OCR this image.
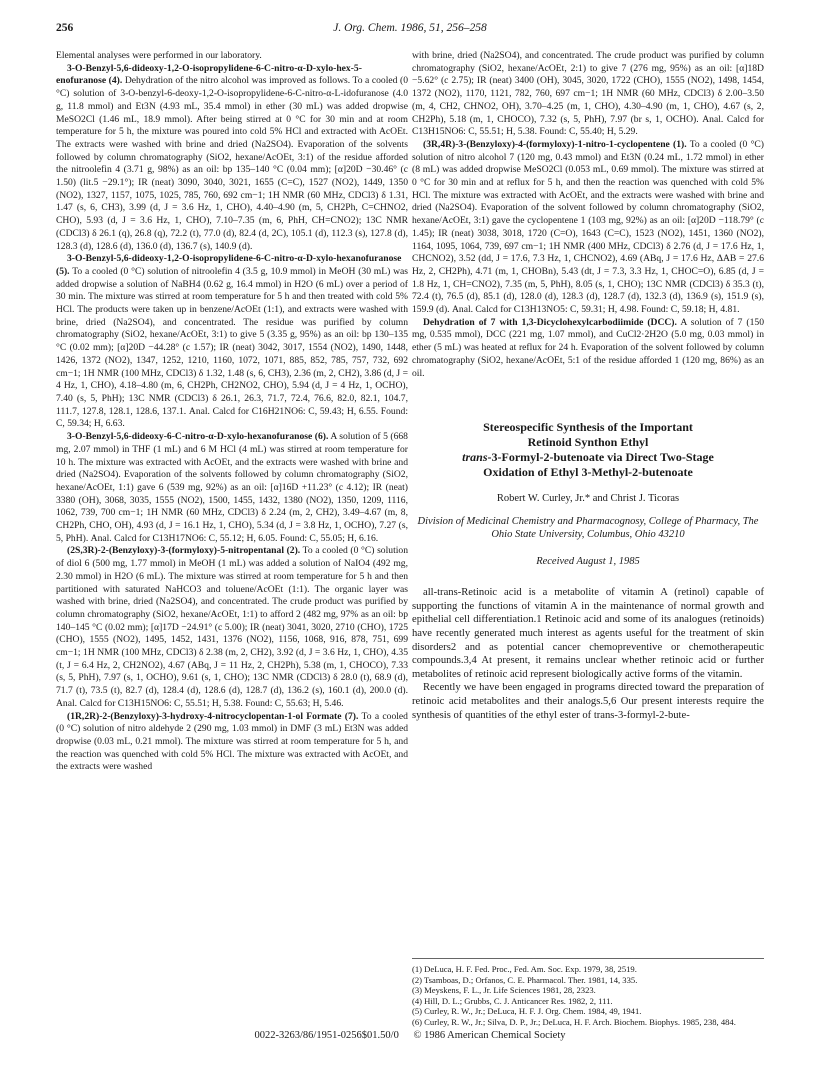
256	J. Org. Chem. 1986, 51, 256–258

Elemental analyses were performed in our laboratory.

3-O-Benzyl-5,6-dideoxy-1,2-O-isopropylidene-6-C-nitro-α-D-xylo-hex-5-enofuranose (4). Dehydration of the nitro alcohol was improved as follows. To a cooled (0 °C) solution of 3-O-benzyl-6-deoxy-1,2-O-isopropylidene-6-C-nitro-α-L-idofuranose (4.0 g, 11.8 mmol) and Et3N (4.93 mL, 35.4 mmol) in ether (30 mL) was added dropwise MeSO2Cl (1.46 mL, 18.9 mmol). After being stirred at 0 °C for 30 min and at room temperature for 5 h, the mixture was poured into cold 5% HCl and extracted with AcOEt. The extracts were washed with brine and dried (Na2SO4). Evaporation of the solvents followed by column chromatography (SiO2, hexane/AcOEt, 3:1) of the residue afforded the nitroolefin 4 (3.71 g, 98%) as an oil: bp 135–140 °C (0.04 mm); [α]20D −30.46° (c 1.50) (lit.5 −29.1°); IR (neat) 3090, 3040, 3021, 1655 (C=C), 1527 (NO2), 1449, 1350 (NO2), 1327, 1157, 1075, 1025, 785, 760, 692 cm−1; 1H NMR (60 MHz, CDCl3) δ 1.31, 1.47 (s, 6, CH3), 3.99 (d, J = 3.6 Hz, 1, CHO), 4.40–4.90 (m, 5, CH2Ph, C=CHNO2, CHO), 5.93 (d, J = 3.6 Hz, 1, CHO), 7.10–7.35 (m, 6, PhH, CH=CNO2); 13C NMR (CDCl3) δ 26.1 (q), 26.8 (q), 72.2 (t), 77.0 (d), 82.4 (d, 2C), 105.1 (d), 112.3 (s), 127.8 (d), 128.3 (d), 128.6 (d), 136.0 (d), 136.7 (s), 140.9 (d).

3-O-Benzyl-5,6-dideoxy-1,2-O-isopropylidene-6-C-nitro-α-D-xylo-hexanofuranose (5). To a cooled (0 °C) solution of nitroolefin 4 (3.5 g, 10.9 mmol) in MeOH (30 mL) was added dropwise a solution of NaBH4 (0.62 g, 16.4 mmol) in H2O (6 mL) over a period of 30 min. The mixture was stirred at room temperature for 5 h and then treated with cold 5% HCl. The products were taken up in benzene/AcOEt (1:1), and extracts were washed with brine, dried (Na2SO4), and concentrated. The residue was purified by column chromatography (SiO2, hexane/AcOEt, 3:1) to give 5 (3.35 g, 95%) as an oil: bp 130–135 °C (0.02 mm); [α]20D −44.28° (c 1.57); IR (neat) 3042, 3017, 1554 (NO2), 1490, 1448, 1426, 1372 (NO2), 1347, 1252, 1210, 1160, 1072, 1071, 885, 852, 785, 757, 732, 692 cm−1; 1H NMR (100 MHz, CDCl3) δ 1.32, 1.48 (s, 6, CH3), 2.36 (m, 2, CH2), 3.86 (d, J = 4 Hz, 1, CHO), 4.18–4.80 (m, 6, CH2Ph, CH2NO2, CHO), 5.94 (d, J = 4 Hz, 1, OCHO), 7.40 (s, 5, PhH); 13C NMR (CDCl3) δ 26.1, 26.3, 71.7, 72.4, 76.6, 82.0, 82.1, 104.7, 111.7, 127.8, 128.1, 128.6, 137.1. Anal. Calcd for C16H21NO6: C, 59.43; H, 6.55. Found: C, 59.34; H, 6.63.

3-O-Benzyl-5,6-dideoxy-6-C-nitro-α-D-xylo-hexanofuranose (6). A solution of 5 (668 mg, 2.07 mmol) in THF (1 mL) and 6 M HCl (4 mL) was stirred at room temperature for 10 h. The mixture was extracted with AcOEt, and the extracts were washed with brine and dried (Na2SO4). Evaporation of the solvents followed by column chromatography (SiO2, hexane/AcOEt, 1:1) gave 6 (539 mg, 92%) as an oil: [α]16D +11.23° (c 4.12); IR (neat) 3380 (OH), 3068, 3035, 1555 (NO2), 1500, 1455, 1432, 1380 (NO2), 1350, 1209, 1116, 1062, 739, 700 cm−1; 1H NMR (60 MHz, CDCl3) δ 2.24 (m, 2, CH2), 3.49–4.67 (m, 8, CH2Ph, CHO, OH), 4.93 (d, J = 16.1 Hz, 1, CHO), 5.34 (d, J = 3.8 Hz, 1, OCHO), 7.27 (s, 5, PhH). Anal. Calcd for C13H17NO6: C, 55.12; H, 6.05. Found: C, 55.05; H, 6.16.

(2S,3R)-2-(Benzyloxy)-3-(formyloxy)-5-nitropentanal (2). To a cooled (0 °C) solution of diol 6 (500 mg, 1.77 mmol) in MeOH (1 mL) was added a solution of NaIO4 (492 mg, 2.30 mmol) in H2O (6 mL). The mixture was stirred at room temperature for 5 h and then partitioned with saturated NaHCO3 and toluene/AcOEt (1:1). The organic layer was washed with brine, dried (Na2SO4), and concentrated. The crude product was purified by column chromatography (SiO2, hexane/AcOEt, 1:1) to afford 2 (482 mg, 97% as an oil: bp 140–145 °C (0.02 mm); [α]17D −24.91° (c 5.00); IR (neat) 3041, 3020, 2710 (CHO), 1725 (CHO), 1555 (NO2), 1495, 1452, 1431, 1376 (NO2), 1156, 1068, 916, 878, 751, 699 cm−1; 1H NMR (100 MHz, CDCl3) δ 2.38 (m, 2, CH2), 3.92 (d, J = 3.6 Hz, 1, CHO), 4.35 (t, J = 6.4 Hz, 2, CH2NO2), 4.67 (ABq, J = 11 Hz, 2, CH2Ph), 5.38 (m, 1, CHOCO), 7.33 (s, 5, PhH), 7.97 (s, 1, OCHO), 9.61 (s, 1, CHO); 13C NMR (CDCl3) δ 28.0 (t), 68.9 (d), 71.7 (t), 73.5 (t), 82.7 (d), 128.4 (d), 128.6 (d), 128.7 (d), 136.2 (s), 160.1 (d), 200.0 (d). Anal. Calcd for C13H15NO6: C, 55.51; H, 5.38. Found: C, 55.63; H, 5.46.

(1R,2R)-2-(Benzyloxy)-3-hydroxy-4-nitrocyclopentan-1-ol Formate (7). To a cooled (0 °C) solution of nitro aldehyde 2 (290 mg, 1.03 mmol) in DMF (3 mL) Et3N was added dropwise (0.03 mL, 0.21 mmol). The mixture was stirred at room temperature for 5 h, and the reaction was quenched with cold 5% HCl. The mixture was extracted with AcOEt, and the extracts were washed

with brine, dried (Na2SO4), and concentrated. The crude product was purified by column chromatography (SiO2, hexane/AcOEt, 2:1) to give 7 (276 mg, 95%) as an oil: [α]18D −5.62° (c 2.75); IR (neat) 3400 (OH), 3045, 3020, 1722 (CHO), 1555 (NO2), 1498, 1454, 1372 (NO2), 1170, 1121, 782, 760, 697 cm−1; 1H NMR (60 MHz, CDCl3) δ 2.00–3.50 (m, 4, CH2, CHNO2, OH), 3.70–4.25 (m, 1, CHO), 4.30–4.90 (m, 1, CHO), 4.67 (s, 2, CH2Ph), 5.18 (m, 1, CHOCO), 7.32 (s, 5, PhH), 7.97 (br s, 1, OCHO). Anal. Calcd for C13H15NO6: C, 55.51; H, 5.38. Found: C, 55.40; H, 5.29.

(3R,4R)-3-(Benzyloxy)-4-(formyloxy)-1-nitro-1-cyclopentene (1). To a cooled (0 °C) solution of nitro alcohol 7 (120 mg, 0.43 mmol) and Et3N (0.24 mL, 1.72 mmol) in ether (8 mL) was added dropwise MeSO2Cl (0.053 mL, 0.69 mmol). The mixture was stirred at 0 °C for 30 min and at reflux for 5 h, and then the reaction was quenched with cold 5% HCl. The mixture was extracted with AcOEt, and the extracts were washed with brine and dried (Na2SO4). Evaporation of the solvent followed by column chromatography (SiO2, hexane/AcOEt, 3:1) gave the cyclopentene 1 (103 mg, 92%) as an oil: [α]20D −118.79° (c 1.45); IR (neat) 3038, 3018, 1720 (C=O), 1643 (C=C), 1523 (NO2), 1451, 1360 (NO2), 1164, 1095, 1064, 739, 697 cm−1; 1H NMR (400 MHz, CDCl3) δ 2.76 (d, J = 17.6 Hz, 1, CHCNO2), 3.52 (dd, J = 17.6, 7.3 Hz, 1, CHCNO2), 4.69 (ABq, J = 17.6 Hz, ΔAB = 27.6 Hz, 2, CH2Ph), 4.71 (m, 1, CHOBn), 5.43 (dt, J = 7.3, 3.3 Hz, 1, CHOC=O), 6.85 (d, J = 1.8 Hz, 1, CH=CNO2), 7.35 (m, 5, PhH), 8.05 (s, 1, CHO); 13C NMR (CDCl3) δ 35.3 (t), 72.4 (t), 76.5 (d), 85.1 (d), 128.0 (d), 128.3 (d), 128.7 (d), 132.3 (d), 136.9 (s), 151.9 (s), 159.9 (d). Anal. Calcd for C13H13NO5: C, 59.31; H, 4.98. Found: C, 59.18; H, 4.81.

Dehydration of 7 with 1,3-Dicyclohexylcarbodiimide (DCC). A solution of 7 (150 mg, 0.535 mmol), DCC (221 mg, 1.07 mmol), and CuCl2·2H2O (5.0 mg, 0.03 mmol) in ether (5 mL) was heated at reflux for 24 h. Evaporation of the solvent followed by column chromatography (SiO2, hexane/AcOEt, 5:1 of the residue afforded 1 (120 mg, 86%) as an oil.

Stereospecific Synthesis of the Important
Retinoid Synthon Ethyl
trans-3-Formyl-2-butenoate via Direct Two-Stage
Oxidation of Ethyl 3-Methyl-2-butenoate
Robert W. Curley, Jr.* and Christ J. Ticoras
Division of Medicinal Chemistry and Pharmacognosy, College of Pharmacy, The Ohio State University, Columbus, Ohio 43210
Received August 1, 1985

all-trans-Retinoic acid is a metabolite of vitamin A (retinol) capable of supporting the functions of vitamin A in the maintenance of normal growth and epithelial cell differentiation.1 Retinoic acid and some of its analogues (retinoids) have recently generated much interest as agents useful for the treatment of skin disorders2 and as potential cancer chemopreventive or chemotherapeutic compounds.3,4 At present, it remains unclear whether retinoic acid or further metabolites of retinoic acid represent biologically active forms of the vitamin.

Recently we have been engaged in programs directed toward the preparation of retinoic acid metabolites and their analogs.5,6 Our present interests require the synthesis of quantities of the ethyl ester of trans-3-formyl-2-bute-

(1) DeLuca, H. F. Fed. Proc., Fed. Am. Soc. Exp. 1979, 38, 2519.
(2) Tsamboas, D.; Orfanos, C. E. Pharmacol. Ther. 1981, 14, 335.
(3) Meyskens, F. L., Jr. Life Sciences 1981, 28, 2323.
(4) Hill, D. L.; Grubbs, C. J. Anticancer Res. 1982, 2, 111.
(5) Curley, R. W., Jr.; DeLuca, H. F. J. Org. Chem. 1984, 49, 1941.
(6) Curley, R. W., Jr.; Silva, D. P., Jr.; DeLuca, H. F. Arch. Biochem. Biophys. 1985, 238, 484.
0022-3263/86/1951-0256$01.50/0 © 1986 American Chemical Society
